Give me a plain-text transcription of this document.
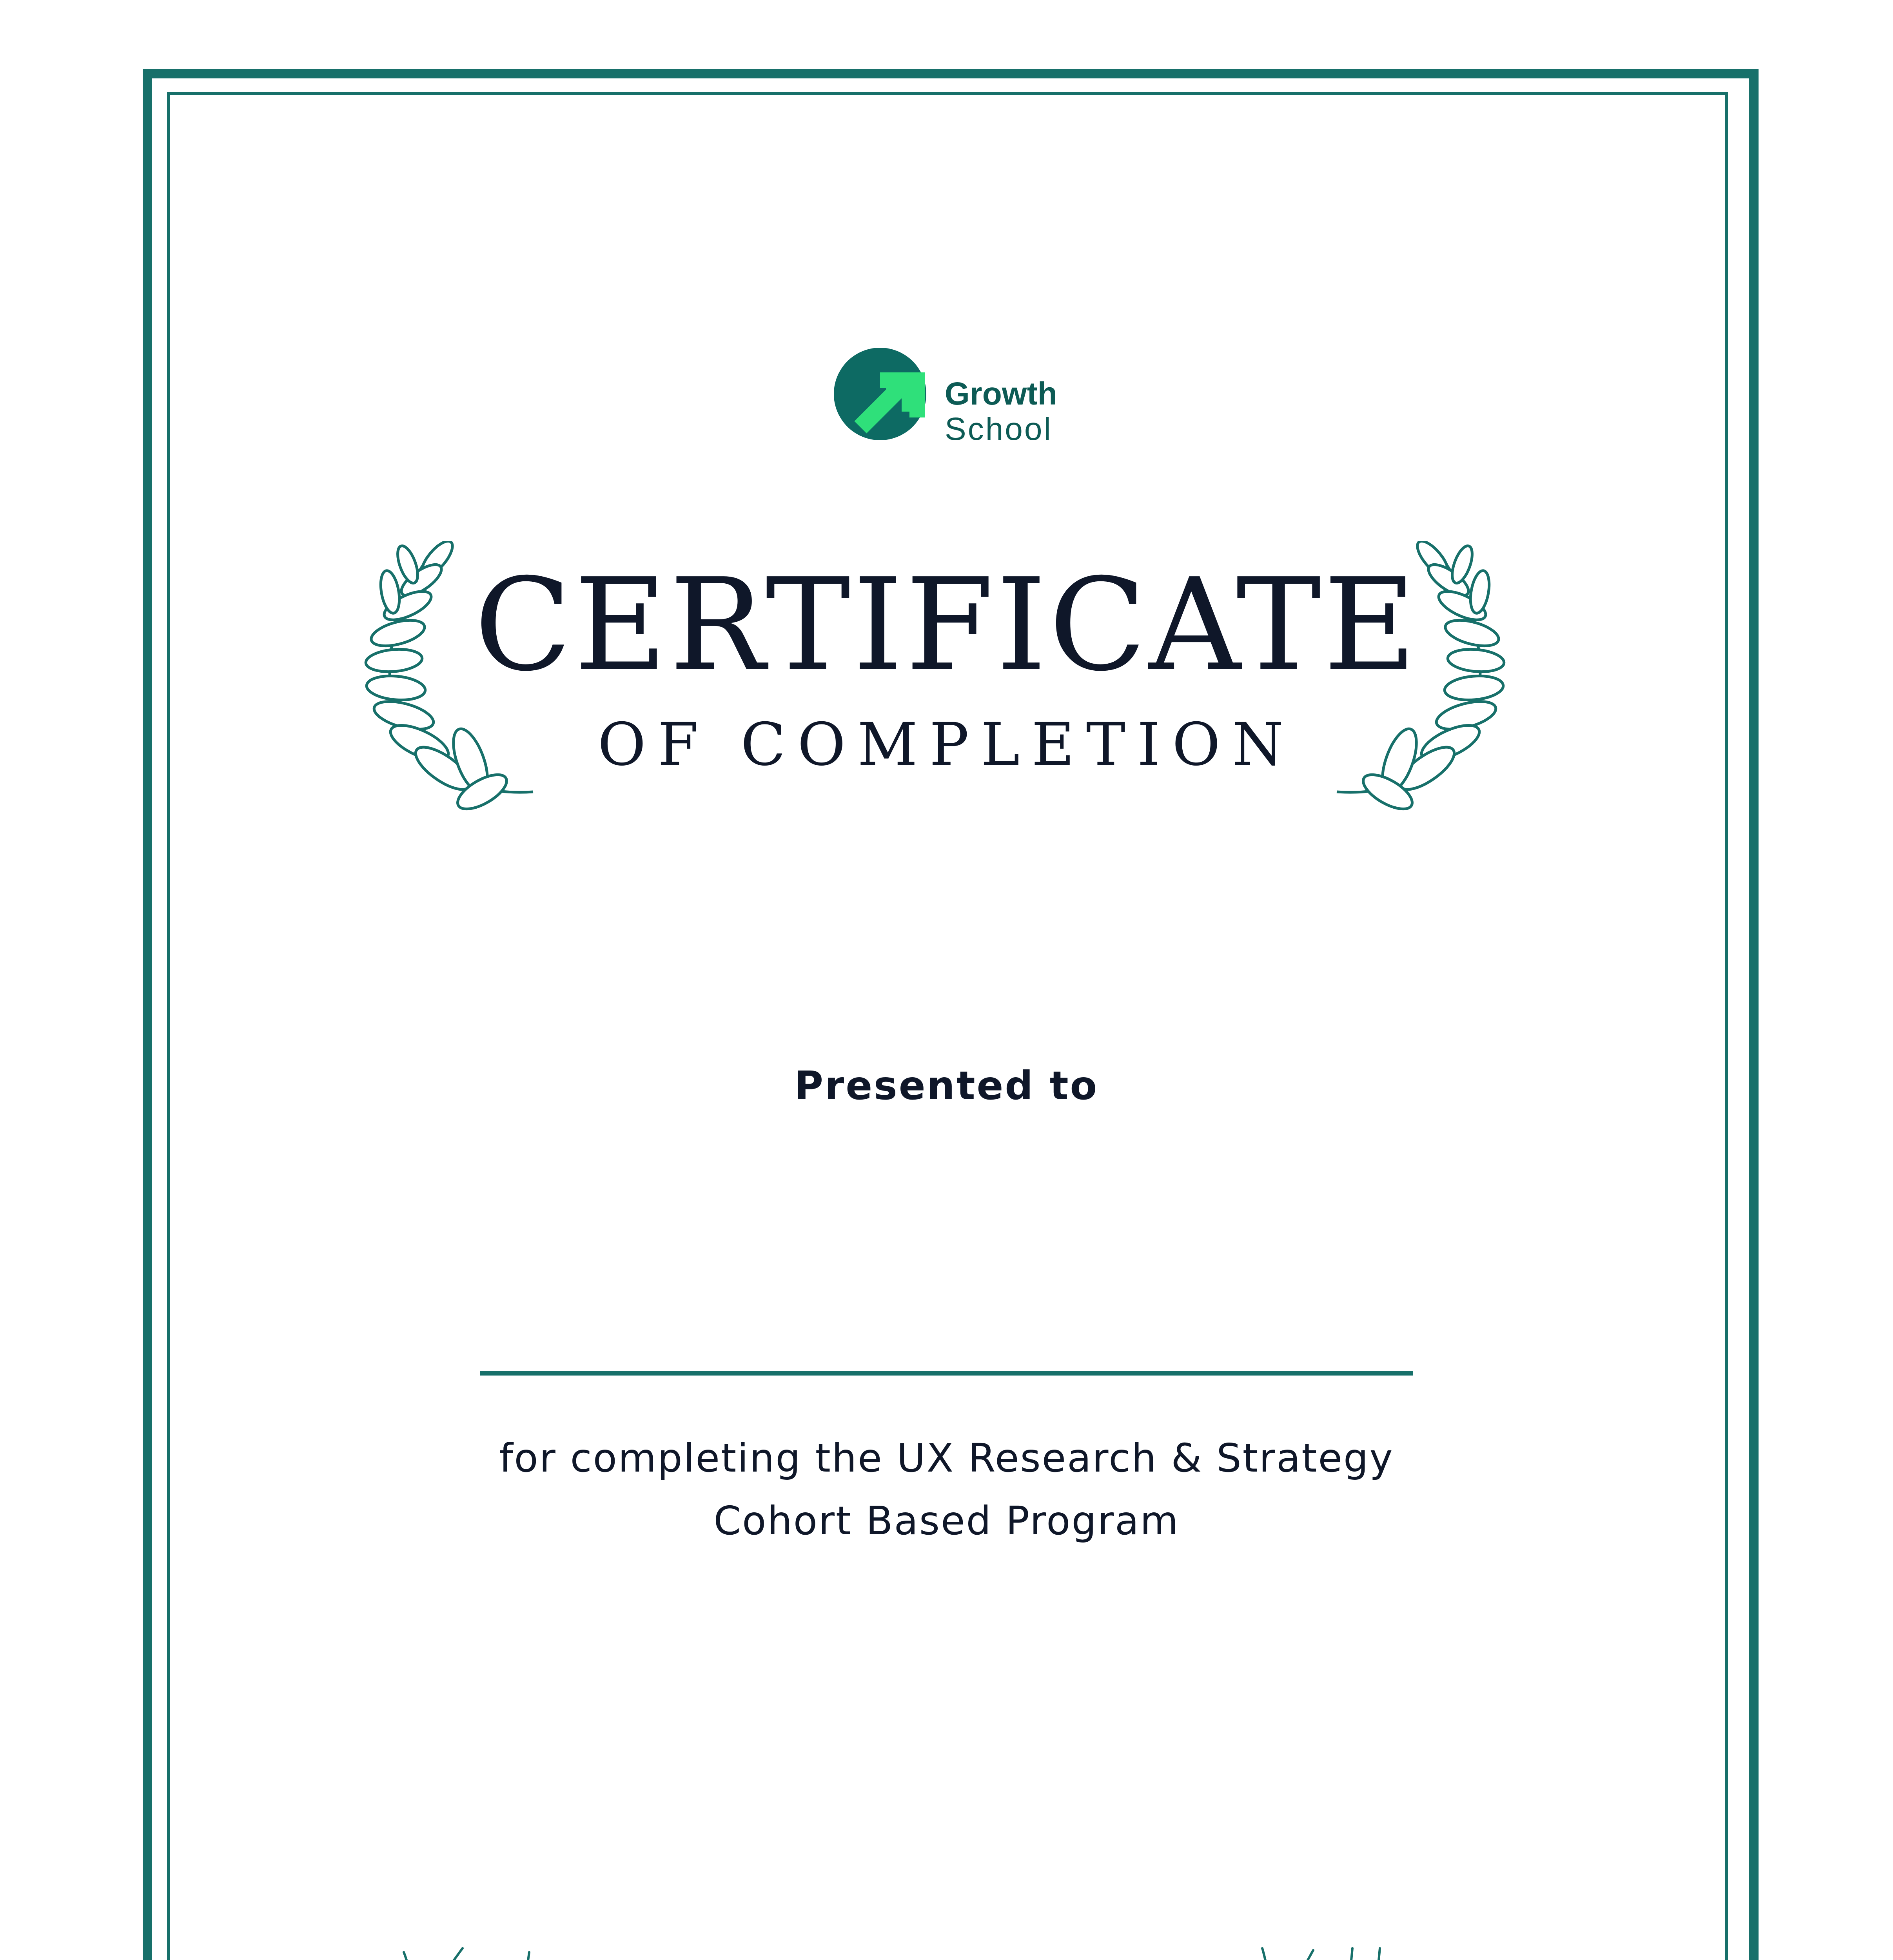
Growth
School
CERTIFICATE
OF COMPLETION
Presented to
for completing the UX Research & Strategy
Cohort Based Program
